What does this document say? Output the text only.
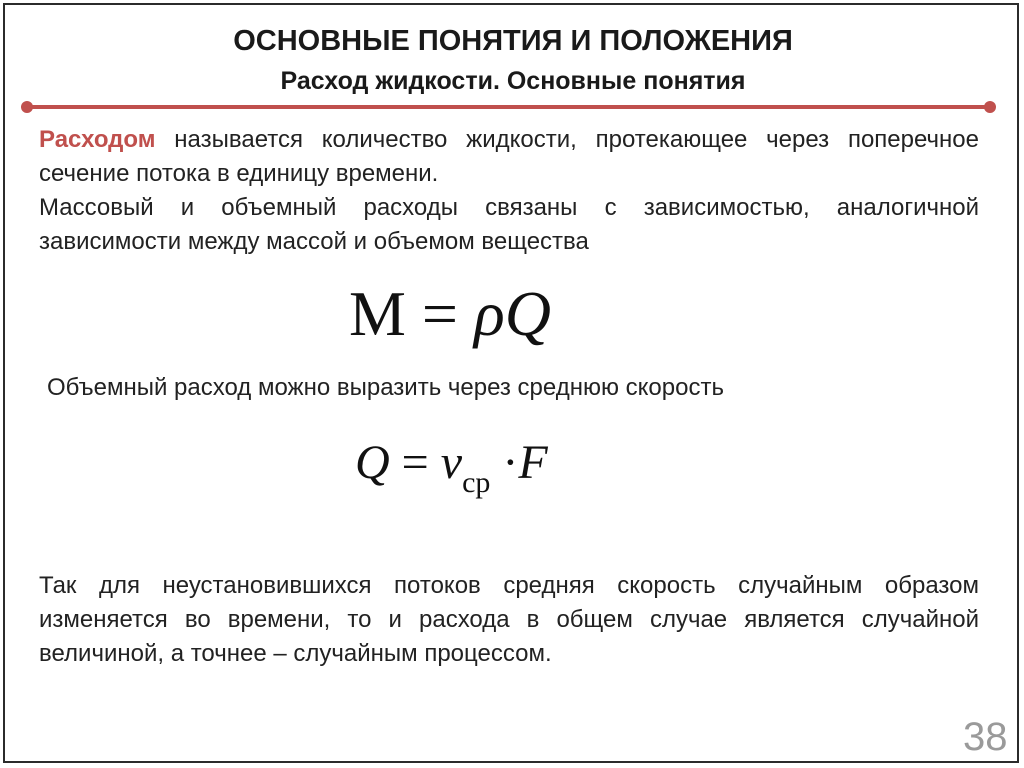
ОСНОВНЫЕ ПОНЯТИЯ И ПОЛОЖЕНИЯ
Расход жидкости. Основные понятия
Расходом называется количество жидкости, протекающее через поперечное сечение потока в единицу времени.
Массовый и объемный расходы связаны с зависимостью, аналогичной зависимости между массой и объемом вещества
M = ρQ
Объемный расход можно выразить через среднюю скорость
$Q = v_{ср} \cdot F$
Так для неустановившихся потоков средняя скорость случайным образом изменяется во времени, то и расхода в общем случае является случайной величиной, а точнее – случайным процессом.
38
